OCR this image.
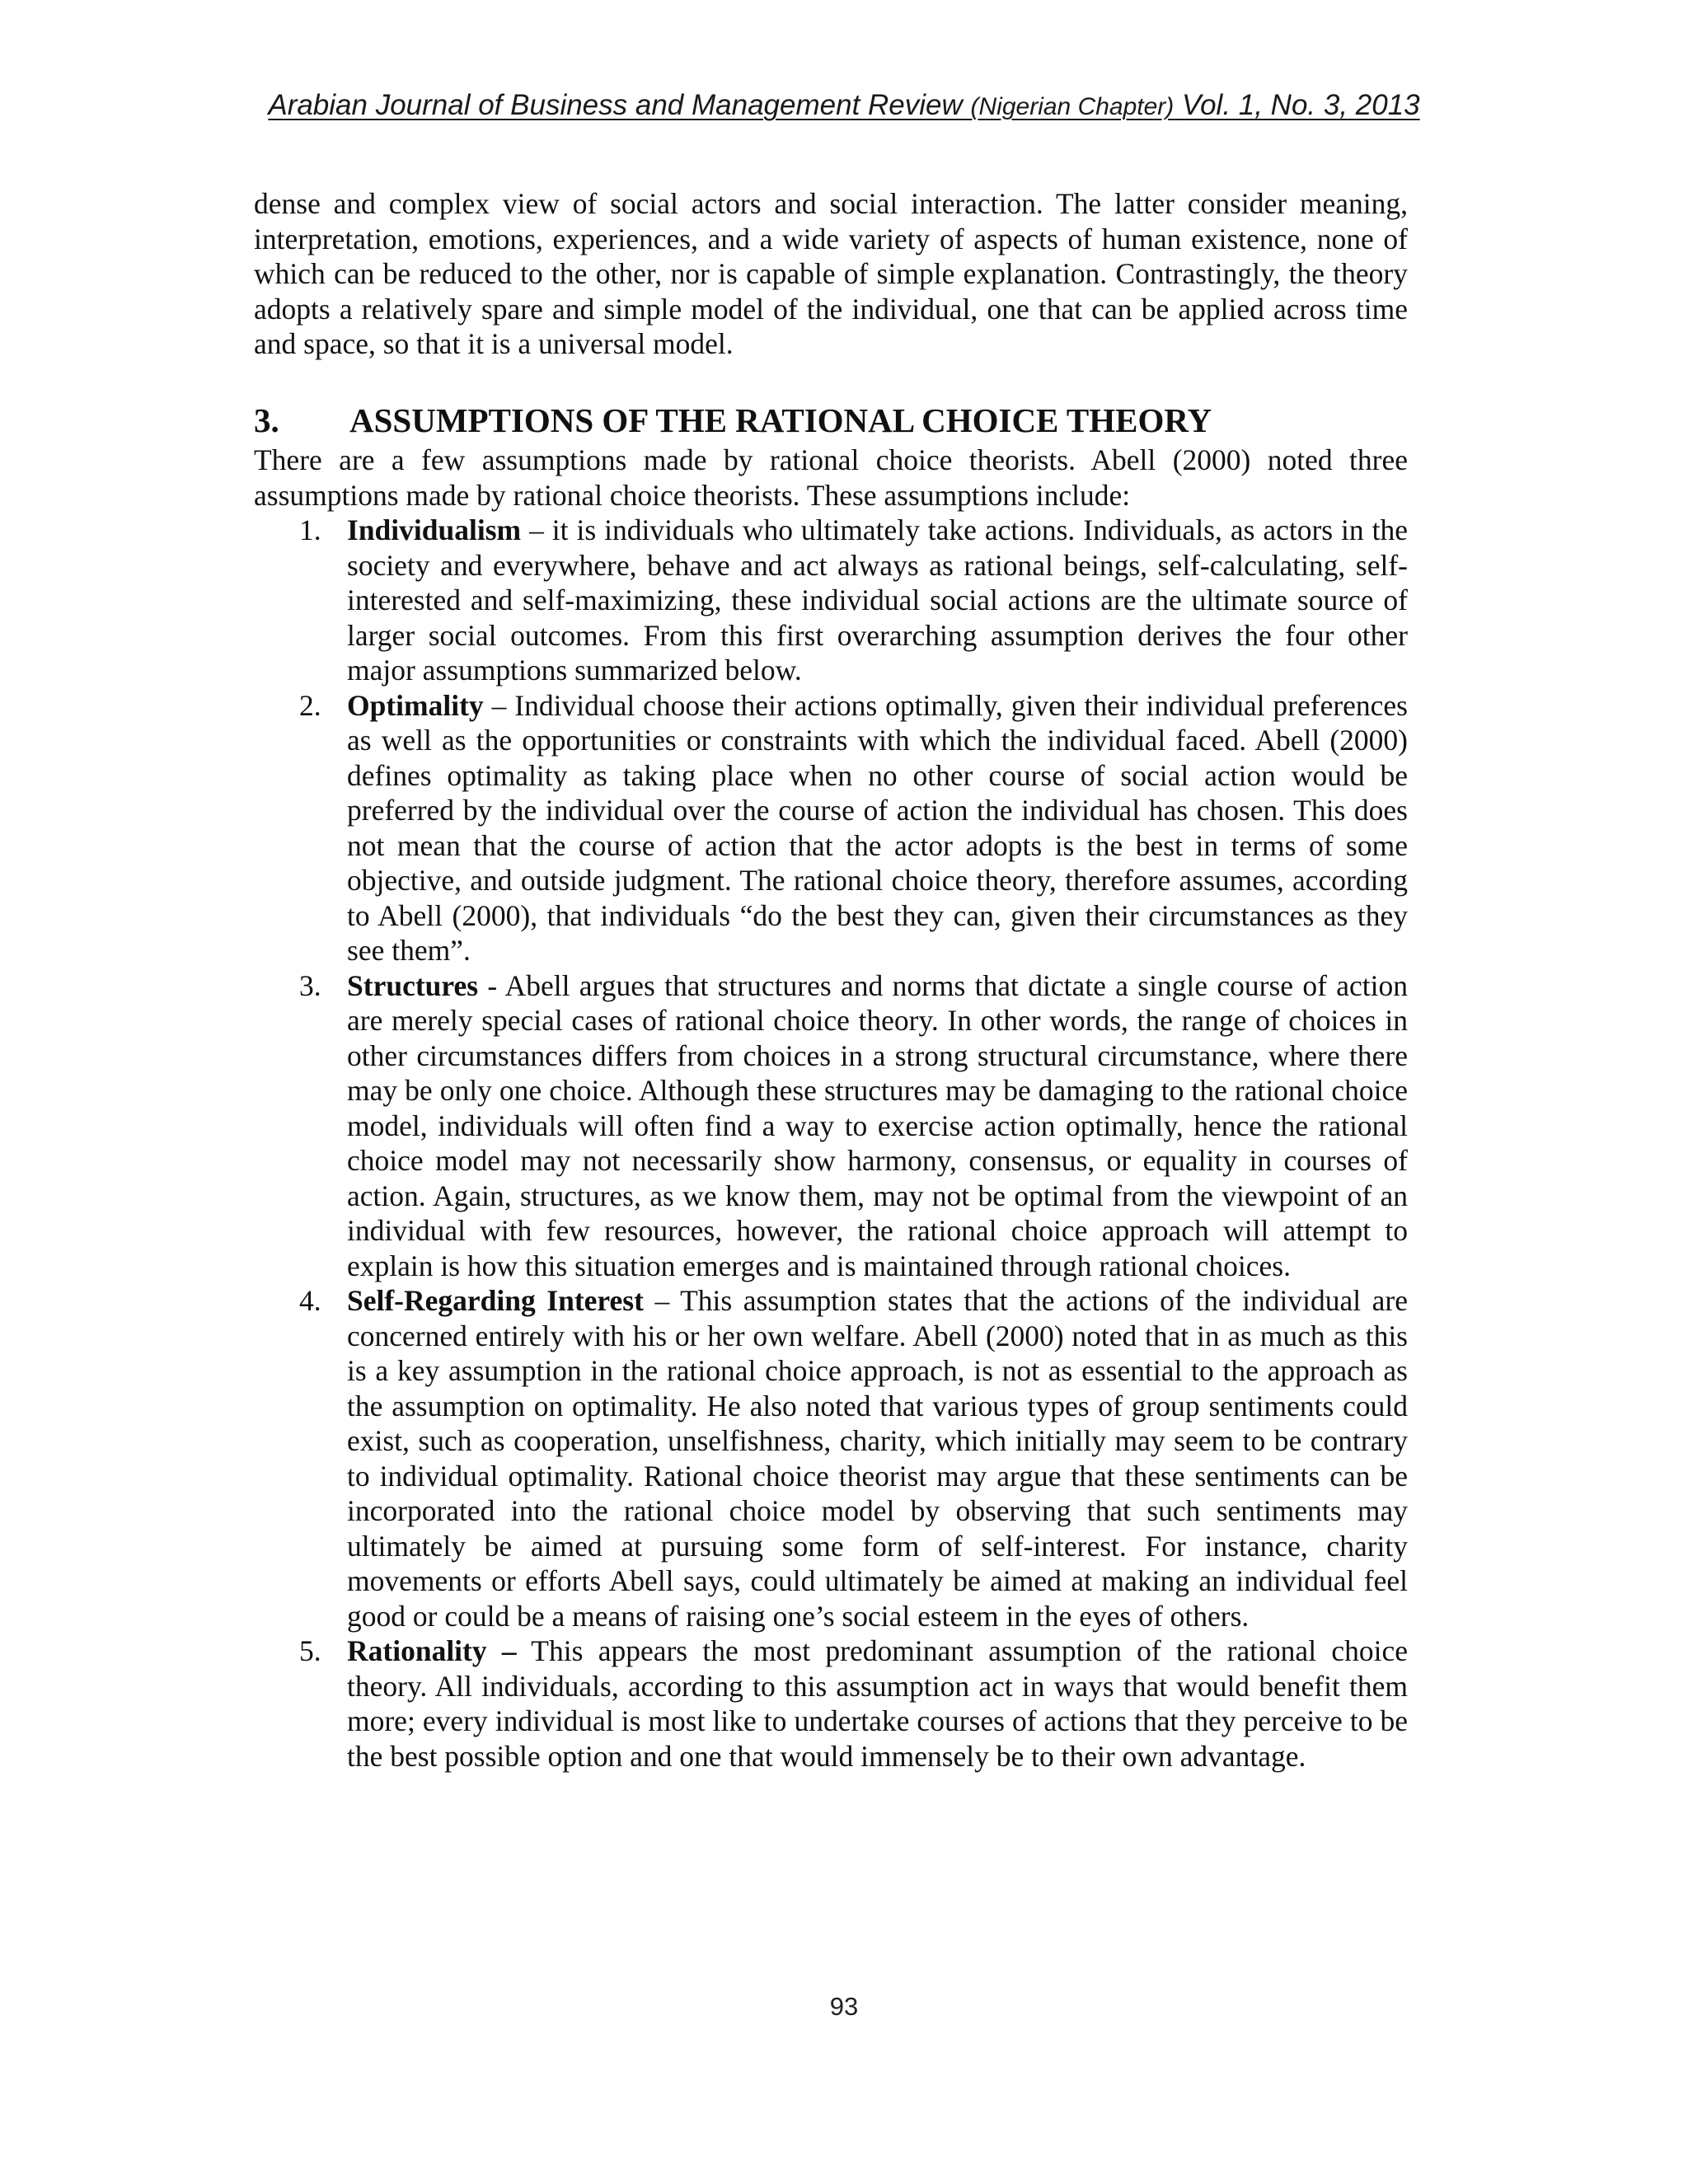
Arabian Journal of Business and Management Review (Nigerian Chapter) Vol. 1, No. 3, 2013

dense and complex view of social actors and social interaction. The latter consider meaning, interpretation, emotions, experiences, and a wide variety of aspects of human existence, none of which can be reduced to the other, nor is capable of simple explanation. Contrastingly, the theory adopts a relatively spare and simple model of the individual, one that can be applied across time and space, so that it is a universal model.

3. ASSUMPTIONS OF THE RATIONAL CHOICE THEORY

There are a few assumptions made by rational choice theorists. Abell (2000) noted three assumptions made by rational choice theorists. These assumptions include:

1. Individualism – it is individuals who ultimately take actions. Individuals, as actors in the society and everywhere, behave and act always as rational beings, self-calculating, self-interested and self-maximizing, these individual social actions are the ultimate source of larger social outcomes. From this first overarching assumption derives the four other major assumptions summarized below.
2. Optimality – Individual choose their actions optimally, given their individual preferences as well as the opportunities or constraints with which the individual faced. Abell (2000) defines optimality as taking place when no other course of social action would be preferred by the individual over the course of action the individual has chosen. This does not mean that the course of action that the actor adopts is the best in terms of some objective, and outside judgment. The rational choice theory, therefore assumes, according to Abell (2000), that individuals “do the best they can, given their circumstances as they see them”.
3. Structures - Abell argues that structures and norms that dictate a single course of action are merely special cases of rational choice theory. In other words, the range of choices in other circumstances differs from choices in a strong structural circumstance, where there may be only one choice. Although these structures may be damaging to the rational choice model, individuals will often find a way to exercise action optimally, hence the rational choice model may not necessarily show harmony, consensus, or equality in courses of action. Again, structures, as we know them, may not be optimal from the viewpoint of an individual with few resources, however, the rational choice approach will attempt to explain is how this situation emerges and is maintained through rational choices.
4. Self-Regarding Interest – This assumption states that the actions of the individual are concerned entirely with his or her own welfare. Abell (2000) noted that in as much as this is a key assumption in the rational choice approach, is not as essential to the approach as the assumption on optimality. He also noted that various types of group sentiments could exist, such as cooperation, unselfishness, charity, which initially may seem to be contrary to individual optimality. Rational choice theorist may argue that these sentiments can be incorporated into the rational choice model by observing that such sentiments may ultimately be aimed at pursuing some form of self-interest. For instance, charity movements or efforts Abell says, could ultimately be aimed at making an individual feel good or could be a means of raising one’s social esteem in the eyes of others.
5. Rationality – This appears the most predominant assumption of the rational choice theory. All individuals, according to this assumption act in ways that would benefit them more; every individual is most like to undertake courses of actions that they perceive to be the best possible option and one that would immensely be to their own advantage.
93
